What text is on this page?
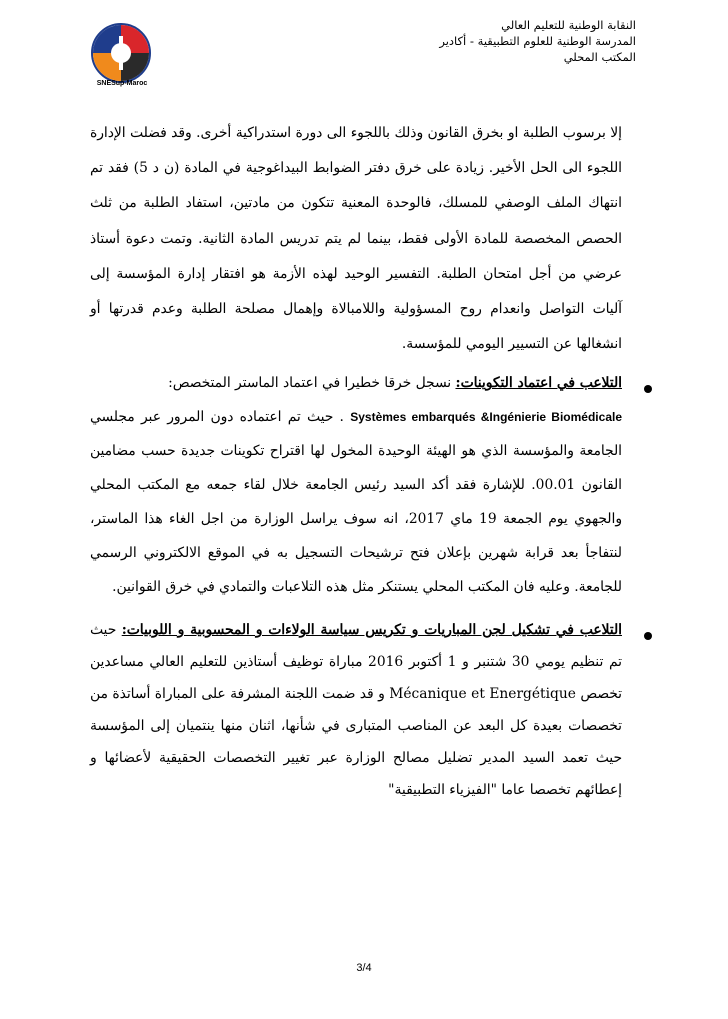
SNESup-Maroc
النقابة الوطنية للتعليم العالي
المدرسة الوطنية للعلوم التطبيقية - أكادير
المكتب المحلي
إلا برسوب الطلبة او بخرق القانون وذلك باللجوء الى دورة استدراكية أخرى. وقد فضلت الإدارة اللجوء الى الحل الأخير. زيادة على خرق دفتر الضوابط البيداغوجية في المادة (ن د 5) فقد تم انتهاك الملف الوصفي للمسلك، فالوحدة المعنية تتكون من مادتين، استفاد الطلبة من ثلث الحصص المخصصة للمادة الأولى فقط، بينما لم يتم تدريس المادة الثانية. وتمت دعوة أستاذ عرضي من أجل امتحان الطلبة. التفسير الوحيد لهذه الأزمة هو افتقار إدارة المؤسسة إلى آليات التواصل وانعدام روح المسؤولية واللامبالاة وإهمال مصلحة الطلبة وعدم قدرتها أو انشغالها عن التسيير اليومي للمؤسسة.
التلاعب في اعتماد التكوينات: نسجل خرقا خطيرا في اعتماد الماستر المتخصص:
Systèmes embarqués &Ingénierie Biomédicale . حيث تم اعتماده دون المرور عبر مجلسي الجامعة والمؤسسة الذي هو الهيئة الوحيدة المخول لها اقتراح تكوينات جديدة حسب مضامين القانون 00.01. للإشارة فقد أكد السيد رئيس الجامعة خلال لقاء جمعه مع المكتب المحلي والجهوي يوم الجمعة 19 ماي 2017، انه سوف يراسل الوزارة من اجل الغاء هذا الماستر، لنتفاجأ بعد قرابة شهرين بإعلان فتح ترشيحات التسجيل به في الموقع الالكتروني الرسمي للجامعة. وعليه فان المكتب المحلي يستنكر مثل هذه التلاعبات والتمادي في خرق القوانين.
التلاعب في تشكيل لجن المباريات و تكريس سياسة الولاءات و المحسوبية و اللوبيات: حيث تم تنظيم يومي 30 شتنبر و 1 أكتوبر 2016 مباراة توظيف أستاذين للتعليم العالي مساعدين تخصص Mécanique et Energétique و قد ضمت اللجنة المشرفة على المباراة أساتذة من تخصصات بعيدة كل البعد عن المناصب المتبارى في شأنها، اثنان منها ينتميان إلى المؤسسة حيث تعمد السيد المدير تضليل مصالح الوزارة عبر تغيير التخصصات الحقيقية لأعضائها و إعطائهم تخصصا عاما "الفيزياء التطبيقية"
3/4
